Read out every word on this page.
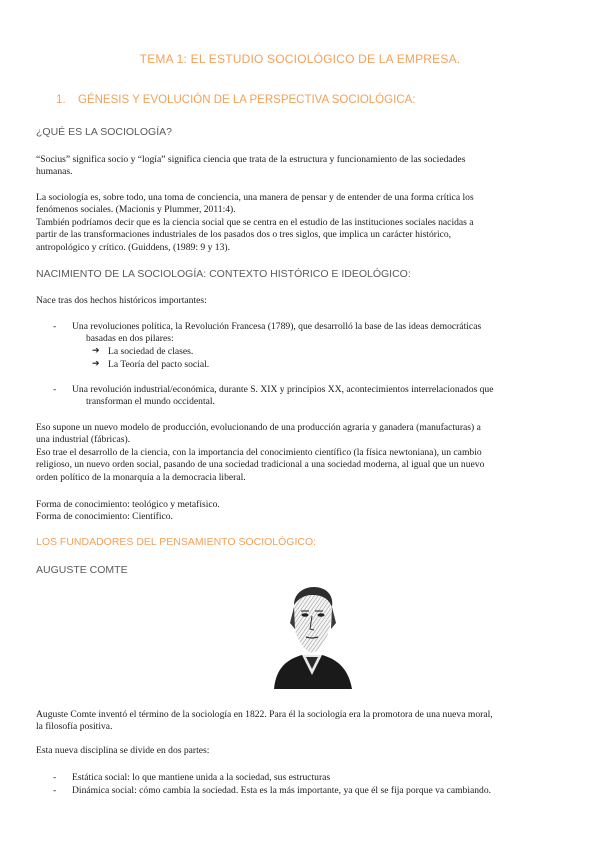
TEMA 1: EL ESTUDIO SOCIOLÓGICO DE LA EMPRESA.
1. GÉNESIS Y EVOLUCIÓN DE LA PERSPECTIVA SOCIOLÓGICA:
¿QUÉ ES LA SOCIOLOGÍA?
“Socius” significa socio y “logía” significa ciencia que trata de la estructura y funcionamiento de las sociedades
humanas.
La sociología es, sobre todo, una toma de conciencia, una manera de pensar y de entender de una forma crítica los
fenómenos sociales. (Macionis y Plummer, 2011:4).
También podríamos decir que es la ciencia social que se centra en el estudio de las instituciones sociales nacidas a
partir de las transformaciones industriales de los pasados dos o tres siglos, que implica un carácter histórico,
antropológico y crítico. (Guiddens, (1989: 9 y 13).
NACIMIENTO DE LA SOCIOLOGÍA: CONTEXTO HISTÓRICO E IDEOLÓGICO:
Nace tras dos hechos históricos importantes:
- Una revoluciones política, la Revolución Francesa (1789), que desarrolló la base de las ideas democráticas
basadas en dos pilares:
➔ La sociedad de clases.
➔ La Teoría del pacto social.
- Una revolución industrial/económica, durante S. XIX y principios XX, acontecimientos interrelacionados que
transforman el mundo occidental.
Eso supone un nuevo modelo de producción, evolucionando de una producción agraria y ganadera (manufacturas) a
una industrial (fábricas).
Eso trae el desarrollo de la ciencia, con la importancia del conocimiento científico (la física newtoniana), un cambio
religioso, un nuevo orden social, pasando de una sociedad tradicional a una sociedad moderna, al igual que un nuevo
orden político de la monarquía a la democracia liberal.
Forma de conocimiento: teológico y metafísico.
Forma de conocimiento: Científico.
LOS FUNDADORES DEL PENSAMIENTO SOCIOLÓGICO:
AUGUSTE COMTE
Auguste Comte inventó el término de la sociología en 1822. Para él la sociología era la promotora de una nueva moral,
la filosofía positiva.
Esta nueva disciplina se divide en dos partes:
- Estática social: lo que mantiene unida a la sociedad, sus estructuras
- Dinámica social: cómo cambia la sociedad. Esta es la más importante, ya que él se fija porque va cambiando.
